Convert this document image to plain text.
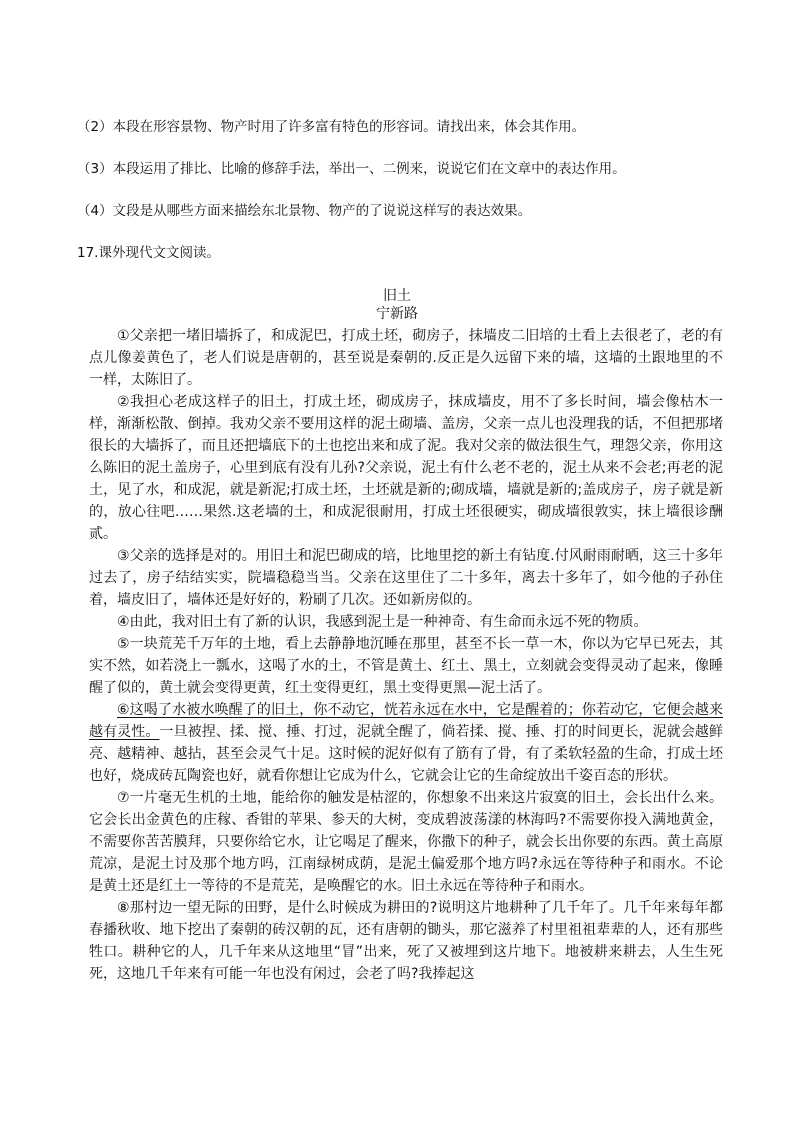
（2）本段在形容景物、物产时用了许多富有特色的形容词。请找出来，体会其作用。
（3）本段运用了排比、比喻的修辞手法，举出一、二例来，说说它们在文章中的表达作用。
（4）文段是从哪些方面来描绘东北景物、物产的了说说这样写的表达效果。
17.课外现代文文阅读。
旧土
宁新路

①父亲把一堵旧墙拆了，和成泥巴，打成土坯，砌房子，抹墙皮二旧培的土看上去很老了，老的有点儿像姜黄色了，老人们说是唐朝的，甚至说是秦朝的.反正是久远留下来的墙，这墙的土跟地里的不一样，太陈旧了。

②我担心老成这样子的旧土，打成土坯，砌成房子，抹成墙皮，用不了多长时间，墙会像枯木一样，渐渐松散、倒掉。我劝父亲不要用这样的泥土砌墙、盖房，父亲一点儿也没理我的话，不但把那堵很长的大墙拆了，而且还把墙底下的土也挖出来和成了泥。我对父亲的做法很生气，理怨父亲，你用这么陈旧的泥土盖房子，心里到底有没有儿孙?父亲说，泥土有什么老不老的，泥土从来不会老;再老的泥土，见了水，和成泥，就是新泥;打成土坯，土坯就是新的;砌成墙，墙就是新的;盖成房子，房子就是新的，放心往吧……果然.这老墙的土，和成泥很耐用，打成土坯很硬实，砌成墙很敦实，抹上墙很诊酬贰。

③父亲的选择是对的。用旧土和泥巴砌成的培，比地里挖的新土有钻度.付风耐雨耐晒，这三十多年过去了，房子结结实实，院墙稳稳当当。父亲在这里住了二十多年，离去十多年了，如今他的子孙住着，墙皮旧了，墙体还是好好的，粉刷了几次。还如新房似的。

④由此，我对旧土有了新的认识，我感到泥土是一种神奇、有生命而永远不死的物质。

⑤一块荒芜千万年的土地，看上去静静地沉睡在那里，甚至不长一草一木，你以为它早已死去，其实不然，如若浇上一瓢水，这喝了水的土，不管是黄土、红土、黑土，立刻就会变得灵动了起来，像睡醒了似的，黄土就会变得更黄，红土变得更红，黑土变得更黑—泥土活了。

⑥这喝了水被水唤醒了的旧土，你不动它，恍若永远在水中，它是醒着的；你若动它，它便会越来越有灵性。一旦被捏、揉、搅、捶、打过，泥就全醒了，倘若揉、搅、捶、打的时间更长，泥就会越鲜亮、越精神、越拈，甚至会灵气十足。这时候的泥好似有了筋有了骨，有了柔软轻盈的生命，打成土坯也好，烧成砖瓦陶瓷也好，就看你想让它成为什么，它就会让它的生命绽放出千姿百态的形状。

⑦一片毫无生机的土地，能给你的触发是枯涩的，你想象不出来这片寂寞的旧土，会长出什么来。它会长出金黄色的庄稼、香钳的苹果、参天的大树，变成碧波荡漾的林海吗?不需要你投入满地黄金，不需要你苦苦膜拜，只要你给它水，让它喝足了醒来，你撒下的种子，就会长出你要的东西。黄土高原荒凉，是泥土讨及那个地方吗，江南绿树成荫，是泥土偏爱那个地方吗?永远在等待种子和雨水。不论是黄土还是红土一等待的不是荒芜，是唤醒它的水。旧土永远在等待种子和雨水。

⑧那村边一望无际的田野，是什么时候成为耕田的?说明这片地耕种了几千年了。几千年来每年都春播秋收、地下挖出了秦朝的砖汉朝的瓦，还有唐朝的锄头，那它滋养了村里祖祖辈辈的人，还有那些牲口。耕种它的人，几千年来从这地里“冒”出来，死了又被埋到这片地下。地被耕来耕去，人生生死死，这地几千年来有可能一年也没有闲过，会老了吗?我捧起这
